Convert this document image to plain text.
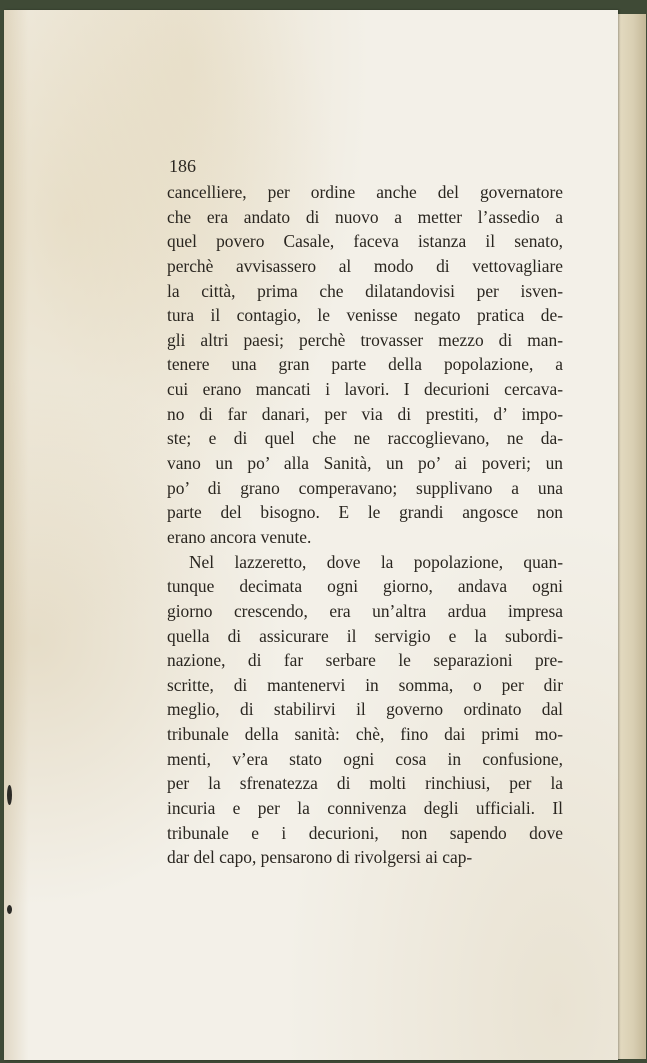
186
cancelliere, per ordine anche del governatore
che era andato di nuovo a metter l’assedio a
quel povero Casale, faceva istanza il senato,
perchè avvisassero al modo di vettovagliare
la città, prima che dilatandovisi per isven-
tura il contagio, le venisse negato pratica de-
gli altri paesi; perchè trovasser mezzo di man-
tenere una gran parte della popolazione, a
cui erano mancati i lavori. I decurioni cercava-
no di far danari, per via di prestiti, d’ impo-
ste; e di quel che ne raccoglievano, ne da-
vano un po’ alla Sanità, un po’ ai poveri; un
po’ di grano comperavano; supplivano a una
parte del bisogno. E le grandi angosce non
erano ancora venute.
Nel lazzeretto, dove la popolazione, quan-
tunque decimata ogni giorno, andava ogni
giorno crescendo, era un’altra ardua impresa
quella di assicurare il servigio e la subordi-
nazione, di far serbare le separazioni pre-
scritte, di mantenervi in somma, o per dir
meglio, di stabilirvi il governo ordinato dal
tribunale della sanità: chè, fino dai primi mo-
menti, v’era stato ogni cosa in confusione,
per la sfrenatezza di molti rinchiusi, per la
incuria e per la connivenza degli ufficiali. Il
tribunale e i decurioni, non sapendo dove
dar del capo, pensarono di rivolgersi ai cap-
